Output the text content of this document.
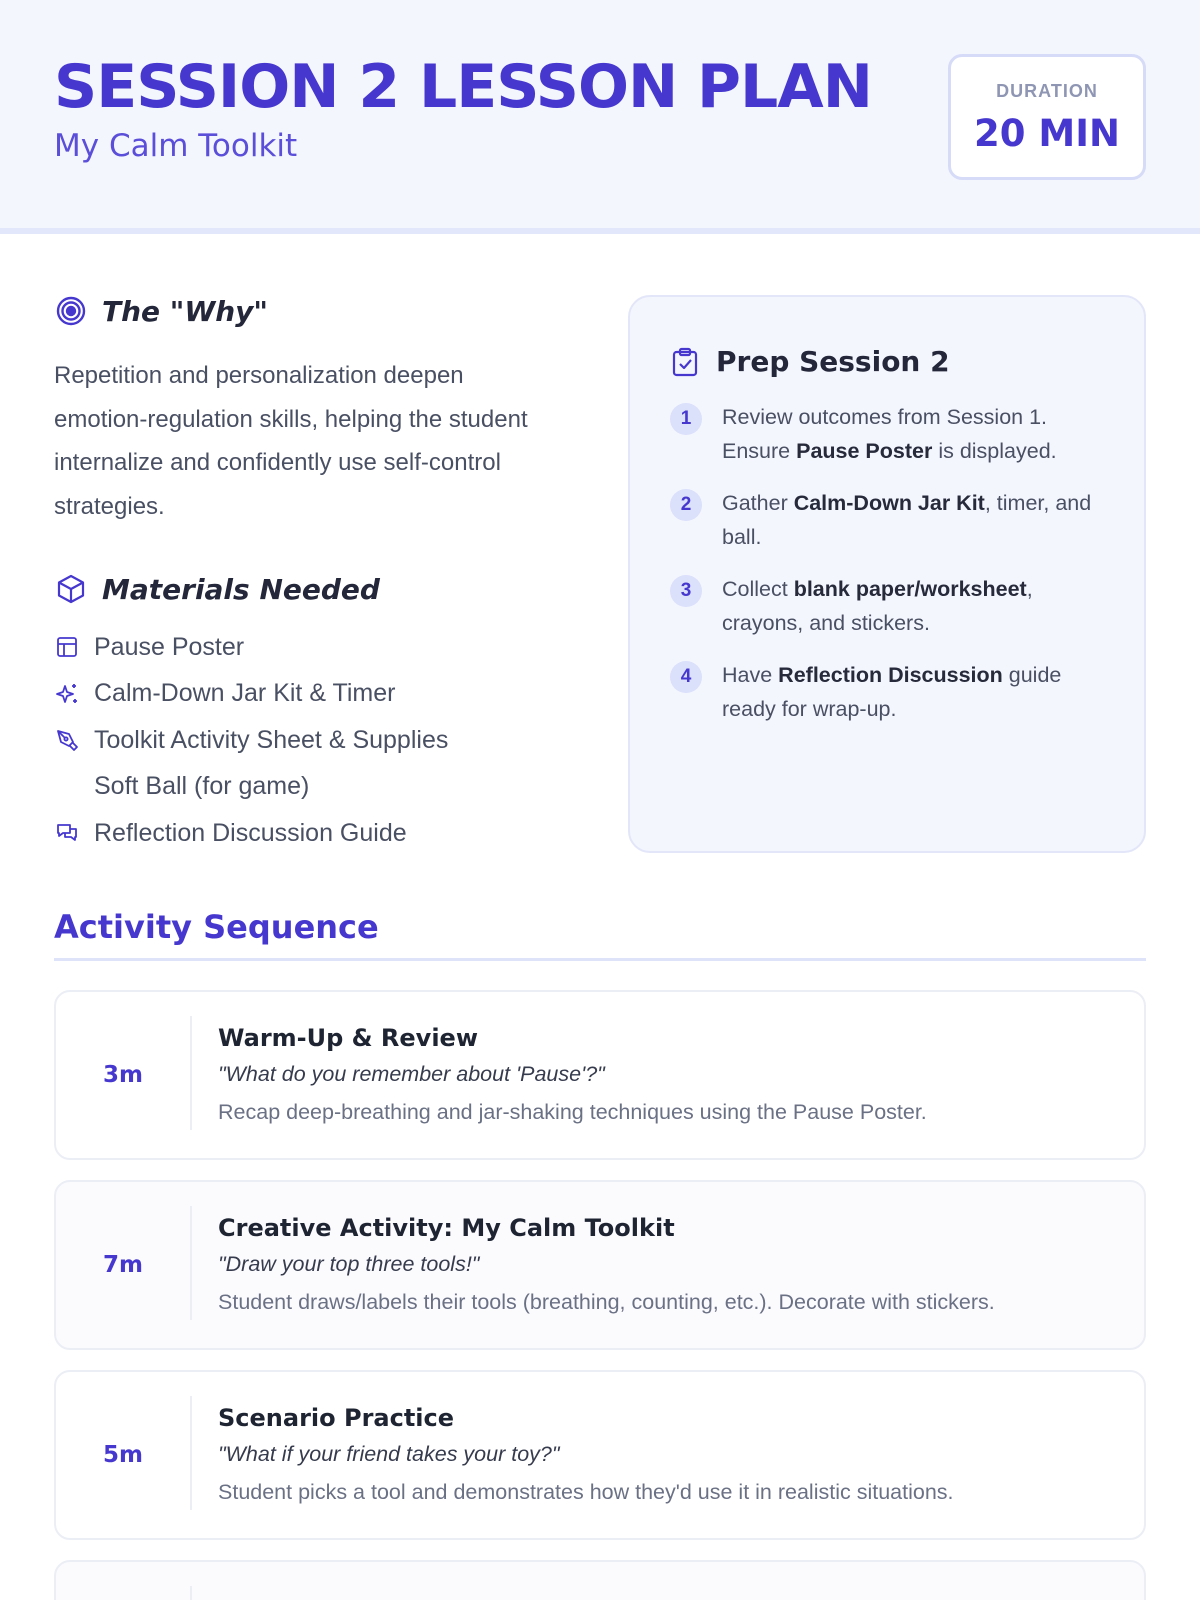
SESSION 2 LESSON PLAN
My Calm Toolkit
DURATION
20 MIN
The "Why"

Repetition and personalization deepen emotion-regulation skills, helping the student internalize and confidently use self-control strategies.

Materials Needed
Pause Poster
Calm-Down Jar Kit & Timer
Toolkit Activity Sheet & Supplies
Soft Ball (for game)
Reflection Discussion Guide
Prep Session 2
1	Review outcomes from Session 1. Ensure Pause Poster is displayed.
2	Gather Calm-Down Jar Kit, timer, and ball.
3	Collect blank paper/worksheet, crayons, and stickers.
4	Have Reflection Discussion guide ready for wrap-up.
Activity Sequence
3m
Warm-Up & Review
"What do you remember about 'Pause'?"
Recap deep-breathing and jar-shaking techniques using the Pause Poster.
7m
Creative Activity: My Calm Toolkit
"Draw your top three tools!"
Student draws/labels their tools (breathing, counting, etc.). Decorate with stickers.
5m
Scenario Practice
"What if your friend takes your toy?"
Student picks a tool and demonstrates how they'd use it in realistic situations.
